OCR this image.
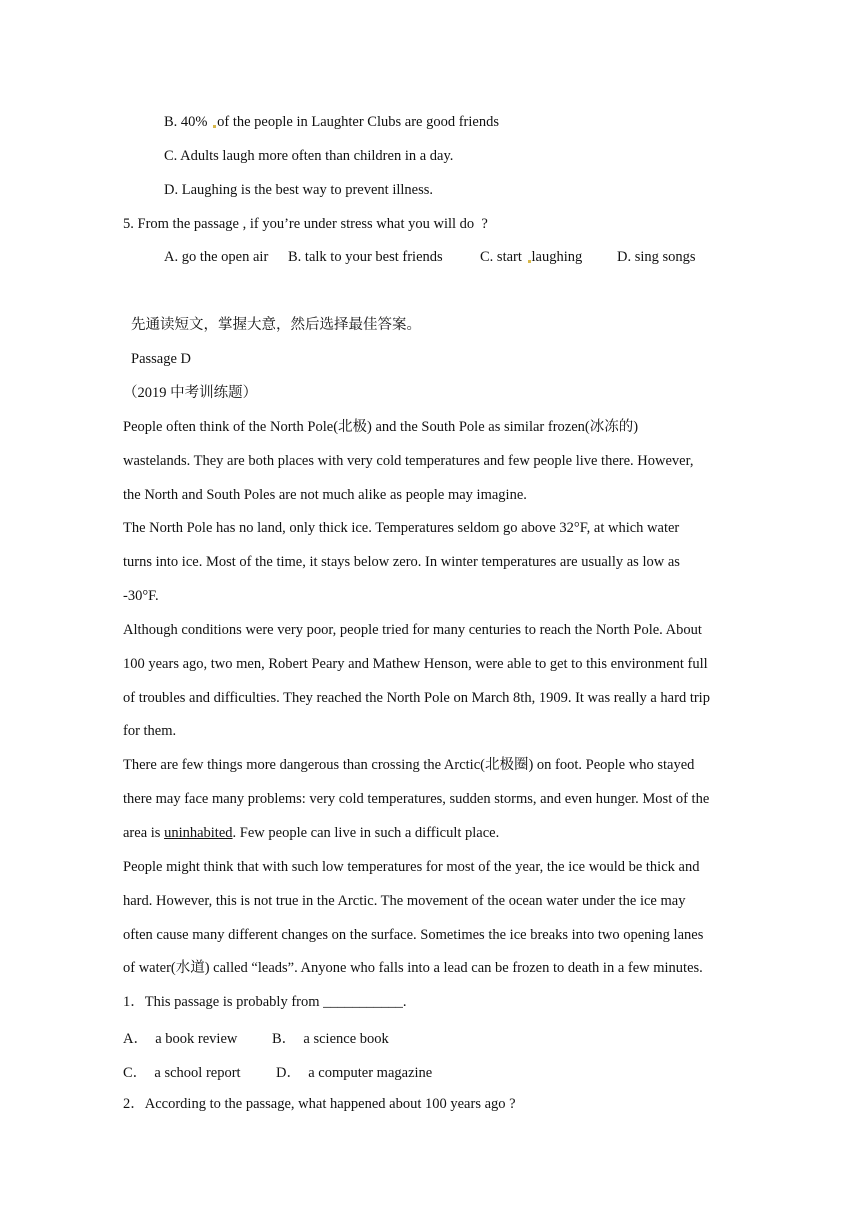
B. 40% of the people in Laughter Clubs are good friends
C. Adults laugh more often than children in a day.
D. Laughing is the best way to prevent illness.
5. From the passage , if you’re under stress what you will do  ?
A. go the open air B. talk to your best friends	C. start laughing D. sing songs
先通读短文，掌握大意，然后选择最佳答案。
Passage D
（2019 中考训练题）
People often think of the North Pole(北极) and the South Pole as similar frozen(冰冻的)
wastelands. They are both places with very cold temperatures and few people live there. However,
the North and South Poles are not much alike as people may imagine.
The North Pole has no land, only thick ice. Temperatures seldom go above 32°F, at which water
turns into ice. Most of the time, it stays below zero. In winter temperatures are usually as low as
-30°F.
Although conditions were very poor, people tried for many centuries to reach the North Pole. About
100 years ago, two men, Robert Peary and Mathew Henson, were able to get to this environment full
of troubles and difficulties. They reached the North Pole on March 8th, 1909. It was really a hard trip
for them.
There are few things more dangerous than crossing the Arctic(北极圈) on foot. People who stayed
there may face many problems: very cold temperatures, sudden storms, and even hunger. Most of the
area is uninhabited. Few people can live in such a difficult place.
People might think that with such low temperatures for most of the year, the ice would be thick and
hard. However, this is not true in the Arctic. The movement of the ocean water under the ice may
often cause many different changes on the surface. Sometimes the ice breaks into two opening lanes
of water(水道) called “leads”. Anyone who falls into a lead can be frozen to death in a few minutes.
1．This passage is probably from ___________.
A．  a book review B．  a science book
C．  a school report D．  a computer magazine
2．According to the passage, what happened about 100 years ago ?
